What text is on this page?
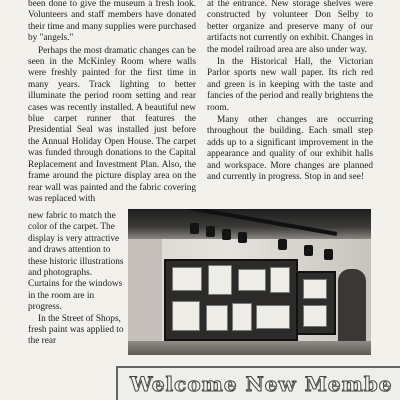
been done to give the museum a fresh look. Volunteers and staff members have donated their time and many supplies were purchased by "angels."

Perhaps the most dramatic changes can be seen in the McKinley Room where walls were freshly painted for the first time in many years. Track lighting to better illuminate the period room setting and rear cases was recently installed. A beautiful new blue carpet runner that features the Presidential Seal was installed just before the Annual Holiday Open House. The carpet was funded through donations to the Capital Replacement and Investment Plan. Also, the frame around the picture display area on the rear wall was painted and the fabric covering was replaced with

new fabric to match the color of the carpet. The display is very attractive and draws attention to these historic illustrations and photographs. Curtains for the windows in the room are in progress.

In the Street of Shops, fresh paint was applied to the rear

at the entrance. New storage shelves were constructed by volunteer Don Selby to better organize and preserve many of our artifacts not currently on exhibit. Changes in the model railroad area are also under way.

In the Historical Hall, the Victorian Parlor sports new wall paper. Its rich red and green is in keeping with the taste and fancies of the period and really brightens the room.

Many other changes are occurring throughout the building. Each small step adds up to a significant improvement in the appearance and quality of our exhibit halls and workspace. More changes are planned and currently in progress. Stop in and see!

Welcome New Membe
